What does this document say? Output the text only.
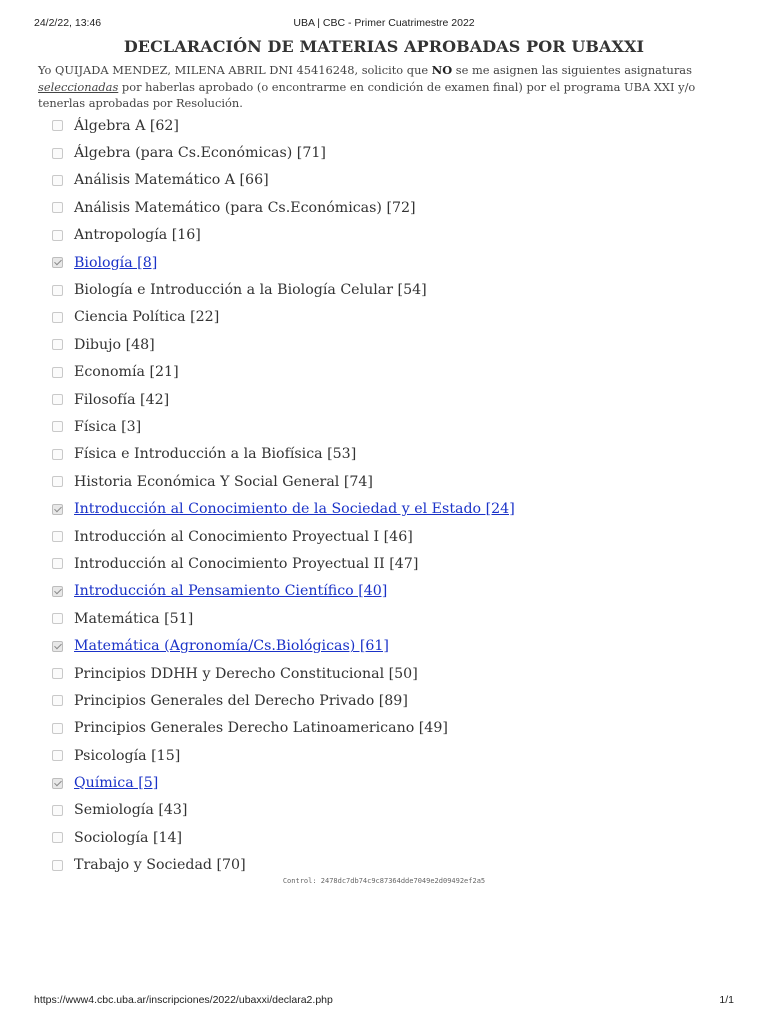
24/2/22, 13:46	UBA | CBC - Primer Cuatrimestre 2022
DECLARACIÓN DE MATERIAS APROBADAS POR UBAXXI
Yo QUIJADA MENDEZ, MILENA ABRIL DNI 45416248, solicito que NO se me asignen las siguientes asignaturas seleccionadas por haberlas aprobado (o encontrarme en condición de examen final) por el programa UBA XXI y/o tenerlas aprobadas por Resolución.
Álgebra A [62]
Álgebra (para Cs.Económicas) [71]
Análisis Matemático A [66]
Análisis Matemático (para Cs.Económicas) [72]
Antropología [16]
Biología [8]
Biología e Introducción a la Biología Celular [54]
Ciencia Política [22]
Dibujo [48]
Economía [21]
Filosofía [42]
Física [3]
Física e Introducción a la Biofísica [53]
Historia Económica Y Social General [74]
Introducción al Conocimiento de la Sociedad y el Estado [24]
Introducción al Conocimiento Proyectual I [46]
Introducción al Conocimiento Proyectual II [47]
Introducción al Pensamiento Científico [40]
Matemática [51]
Matemática (Agronomía/Cs.Biológicas) [61]
Principios DDHH y Derecho Constitucional [50]
Principios Generales del Derecho Privado [89]
Principios Generales Derecho Latinoamericano [49]
Psicología [15]
Química [5]
Semiología [43]
Sociología [14]
Trabajo y Sociedad [70]
Control: 2478dc7db74c9c87364dde7049e2d09492ef2a5
https://www4.cbc.uba.ar/inscripciones/2022/ubaxxi/declara2.php	1/1
